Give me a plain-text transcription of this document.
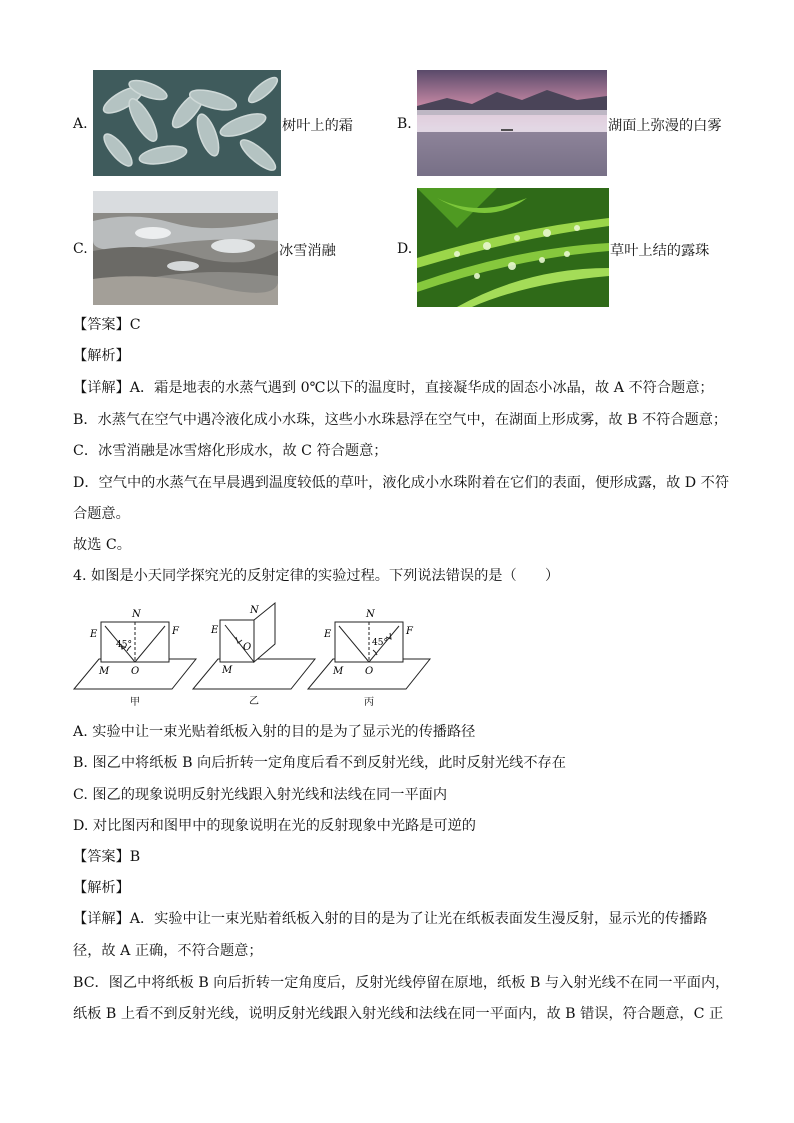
A.	树叶上的霜	B.	湖面上弥漫的白雾
C.	冰雪消融	D.	草叶上结的露珠
【答案】C
【解析】
【详解】A．霜是地表的水蒸气遇到 0℃以下的温度时，直接凝华成的固态小冰晶，故 A 不符合题意；
B．水蒸气在空气中遇冷液化成小水珠，这些小水珠悬浮在空气中，在湖面上形成雾，故 B 不符合题意；
C．冰雪消融是冰雪熔化形成水，故 C 符合题意；
D．空气中的水蒸气在早晨遇到温度较低的草叶，液化成小水珠附着在它们的表面，便形成露，故 D 不符
合题意。
故选 C。
4. 如图是小天同学探究光的反射定律的实验过程。下列说法错误的是（　　）
N
E	F
45°
M O
甲
N
E
O
M
乙
N
E	F
45°
M O
丙
A. 实验中让一束光贴着纸板入射的目的是为了显示光的传播路径
B. 图乙中将纸板 B 向后折转一定角度后看不到反射光线，此时反射光线不存在
C. 图乙的现象说明反射光线跟入射光线和法线在同一平面内
D. 对比图丙和图甲中的现象说明在光的反射现象中光路是可逆的
【答案】B
【解析】
【详解】A．实验中让一束光贴着纸板入射的目的是为了让光在纸板表面发生漫反射，显示光的传播路
径，故 A 正确，不符合题意；
BC．图乙中将纸板 B 向后折转一定角度后，反射光线停留在原地，纸板 B 与入射光线不在同一平面内，
纸板 B 上看不到反射光线，说明反射光线跟入射光线和法线在同一平面内，故 B 错误，符合题意，C 正
